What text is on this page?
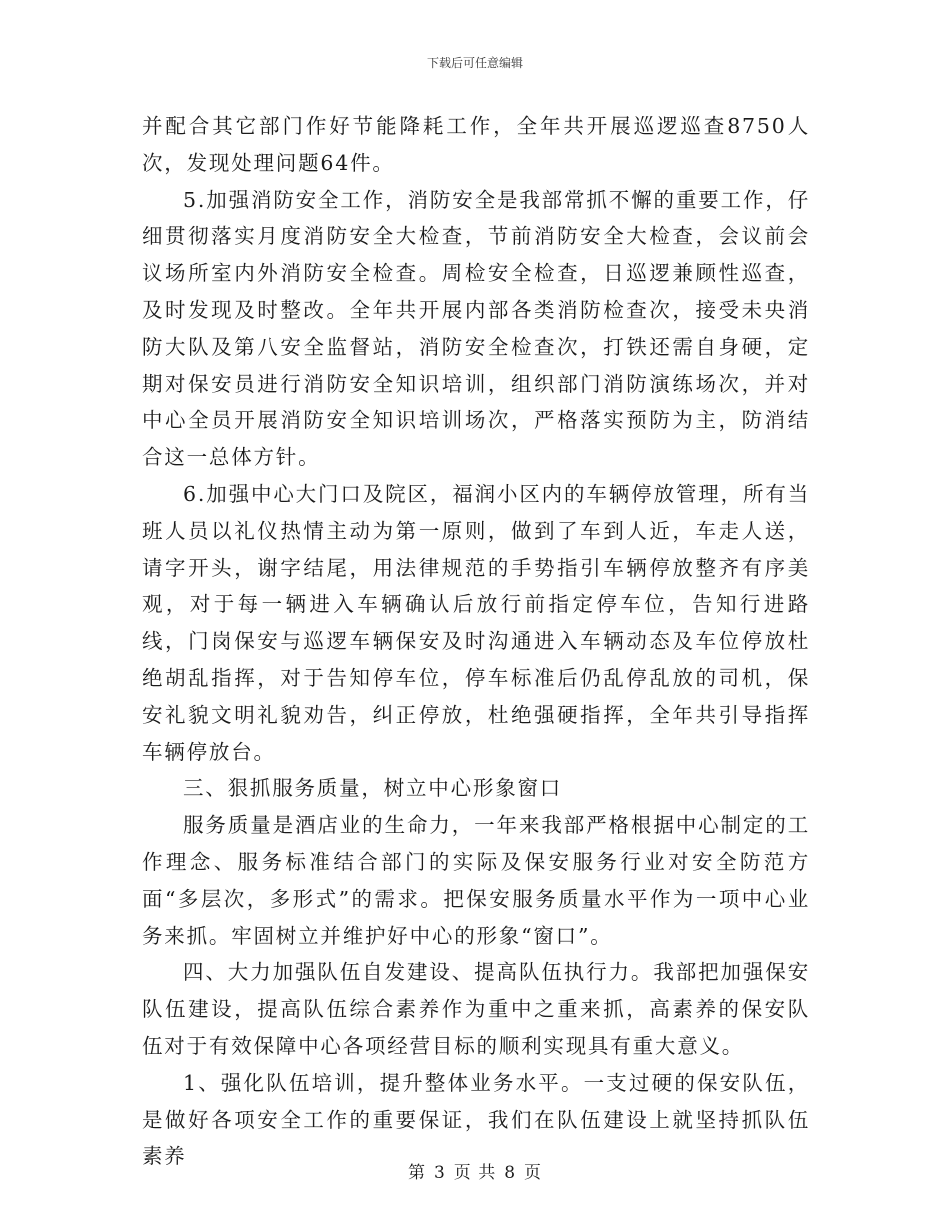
下载后可任意编辑

并配合其它部门作好节能降耗工作，全年共开展巡逻巡查8750人次，发现处理问题64件。

5.加强消防安全工作，消防安全是我部常抓不懈的重要工作，仔细贯彻落实月度消防安全大检查，节前消防安全大检查，会议前会议场所室内外消防安全检查。周检安全检查，日巡逻兼顾性巡查，及时发现及时整改。全年共开展内部各类消防检查次，接受未央消防大队及第八安全监督站，消防安全检查次，打铁还需自身硬，定期对保安员进行消防安全知识培训，组织部门消防演练场次，并对中心全员开展消防安全知识培训场次，严格落实预防为主，防消结合这一总体方针。

6.加强中心大门口及院区，福润小区内的车辆停放管理，所有当班人员以礼仪热情主动为第一原则，做到了车到人近，车走人送，请字开头，谢字结尾，用法律规范的手势指引车辆停放整齐有序美观，对于每一辆进入车辆确认后放行前指定停车位，告知行进路线，门岗保安与巡逻车辆保安及时沟通进入车辆动态及车位停放杜绝胡乱指挥，对于告知停车位，停车标准后仍乱停乱放的司机，保安礼貌文明礼貌劝告，纠正停放，杜绝强硬指挥，全年共引导指挥车辆停放台。

三、狠抓服务质量，树立中心形象窗口

服务质量是酒店业的生命力，一年来我部严格根据中心制定的工作理念、服务标准结合部门的实际及保安服务行业对安全防范方面“多层次，多形式”的需求。把保安服务质量水平作为一项中心业务来抓。牢固树立并维护好中心的形象“窗口”。

四、大力加强队伍自发建设、提高队伍执行力。我部把加强保安队伍建设，提高队伍综合素养作为重中之重来抓，高素养的保安队伍对于有效保障中心各项经营目标的顺利实现具有重大意义。

1、强化队伍培训，提升整体业务水平。一支过硬的保安队伍，是做好各项安全工作的重要保证，我们在队伍建设上就坚持抓队伍素养

第 3 页 共 8 页
